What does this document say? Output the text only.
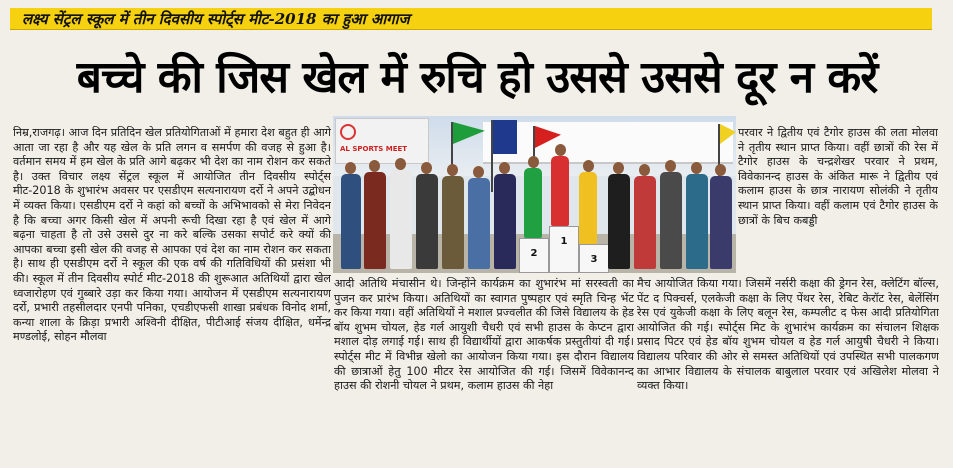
लक्ष्य सेंट्रल स्कूल में तीन दिवसीय स्पोर्ट्स मीट-2018 का हुआ आगाज
बच्चे की जिस खेल में रुचि हो उससे उससे दूर न करें
निम्र,राजगढ़। आज दिन प्रतिदिन खेल प्रतियोगिताओं में हमारा देश बहुत ही आगे आता जा रहा है और यह खेल के प्रति लगन व समर्पण की वजह से हुआ है। वर्तमान समय में हम खेल के प्रति आगे बढ़कर भी देश का नाम रोशन कर सकते है। उक्त विचार लक्ष्य सेंट्रल स्कूल में आयोजित तीन दिवसीय स्पोर्ट्स मीट-2018 के शुभारंभ अवसर पर एसडीएम सत्यनारायण दर्रो ने अपने उद्बोधन में व्यक्त किया। एसडीएम दर्रो ने कहां को बच्चों के अभिभावको से मेरा निवेदन है कि बच्चा अगर किसी खेल में अपनी रूची दिखा रहा है एवं खेल में आगे बढ़ना चाहता है तो उसे उससे दुर ना करे बल्कि उसका सपोर्ट करे क्यों की आपका बच्चा इसी खेल की वजह से आपका एवं देश का नाम रोशन कर सकता है। साथ ही एसडीएम दर्रो ने स्कूल की एक वर्ष की गतिविधियों की प्रसंशा भी की। स्कूल में तीन दिवसीय स्पोर्ट मीट-2018 की शुरूआत अतिथियों द्वारा खेल ध्वजारोहण एवं गुब्बारे उड़ा कर किया गया। आयोजन में एसडीएम सत्यनारायण दर्रो, प्रभारी तहसीलदार एनपी पनिका, एचडीएफसी शाखा प्रबंधक विनोद शर्मा, कन्या शाला के क्रिड़ा प्रभारी अश्विनी दीक्षित, पीटीआई संजय दीक्षित, धर्मेन्द्र मण्डलोई, सोहन मौलवा
AL SPORTS MEET
2
1
3
परवार ने द्वितीय एवं टैगोर हाउस की लता मोलवा ने तृतीय स्थान प्राप्त किया। वहीं छात्रों की रेस में टैगोर हाउस के चन्द्रशेखर परवार ने प्रथम, विवेकानन्द हाउस के अंकित मारू ने द्वितीय एवं कलाम हाउस के छात्र नारायण सोलंकी ने तृतीय स्थान प्राप्त किया। वहीं कलाम एवं टैगोर हाउस के छात्रों के बिच कबड्डी
आदी अतिथि मंचासीन थे। जिन्होंने कार्यक्रम का शुभारंभ मां सरस्वती का पुजन कर प्रारंभ किया। अतिथियों का स्वागत पुष्पहार एवं स्मृति चिन्ह भेंट कर किया गया। वहीं अतिथियों ने मशाल प्रज्वलीत की जिसे विद्यालय के हेड बॉय शुभम चोयल, हेड गर्ल आयुशी चैधरी एवं सभी हाउस के केप्टन द्वारा मशाल दोड़ लगाई गई। साथ ही विद्यार्थीयों द्वारा आकर्षक प्रस्तुतीयां दी गई। स्पोर्ट्स मीट में विभीन्न खेलो का आयोजन किया गया। इस दौरान विद्यालय की छात्राओं हेतु 100 मीटर रेस आयोजित की गई। जिसमें विवेकानन्द हाउस की रोशनी चोयल ने प्रथम, कलाम हाउस की नेहा
मैच आयोजित किया गया। जिसमें नर्सरी कक्षा की ड्रेगन रेस, क्लेटिंग बॉल्स, पेंट द पिक्चर्स, एलकेजी कक्षा के लिए पेंथर रेस, रेबिट केरॉट रेस, बेलेंसिंग रेस एवं युकेजी कक्षा के लिए बलून रेस, कम्पलीट द फेस आदी प्रतियोगिता आयोजित की गई। स्पोर्ट्स मिट के शुभारंभ कार्यक्रम का संचालन शिक्षक प्रसाद पिटर एवं हेड बॉय शुभम चोयल व हेड गर्ल आयुषी चैधरी ने किया। विद्यालय परिवार की ओर से समस्त अतिथियों एवं उपस्थित सभी पालकगण का आभार विद्यालय के संचालक बाबुलाल परवार एवं अखिलेश मोलवा ने व्यक्त किया।
